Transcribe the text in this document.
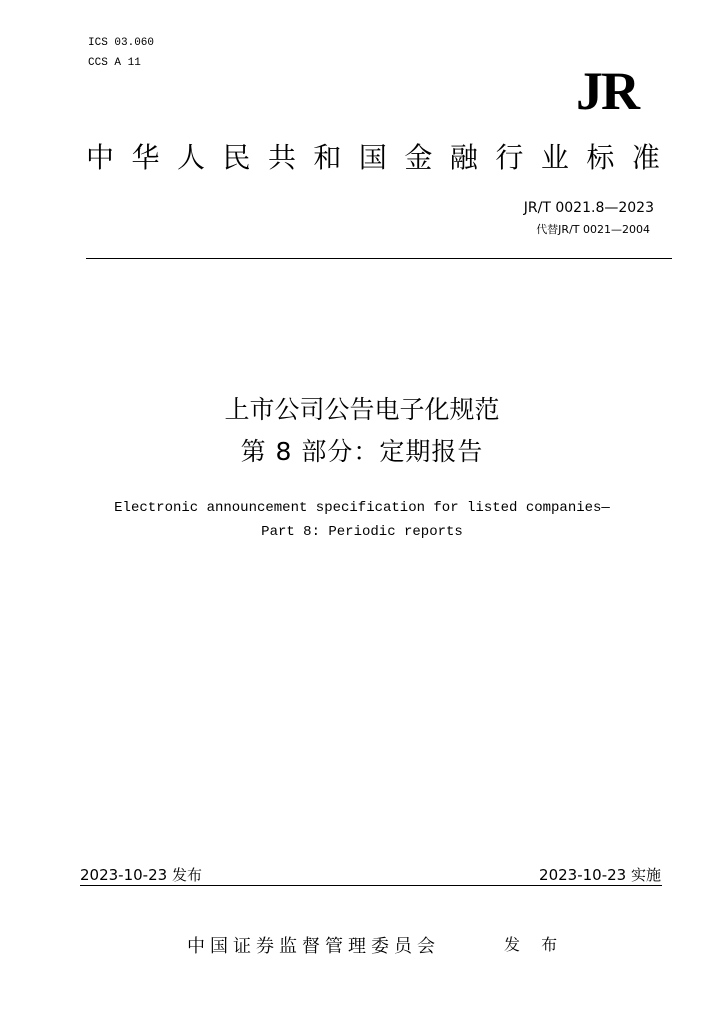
ICS 03.060
CCS A 11	JR
中 华 人 民 共 和 国 金 融 行 业 标 准
JR/T 0021.8—2023
代替JR/T 0021—2004
上市公司公告电子化规范
第 8 部分：定期报告
Electronic announcement specification for listed companies—
Part 8: Periodic reports
2023-10-23 发布	2023-10-23 实施
中国证券监督管理委员会	发 布
